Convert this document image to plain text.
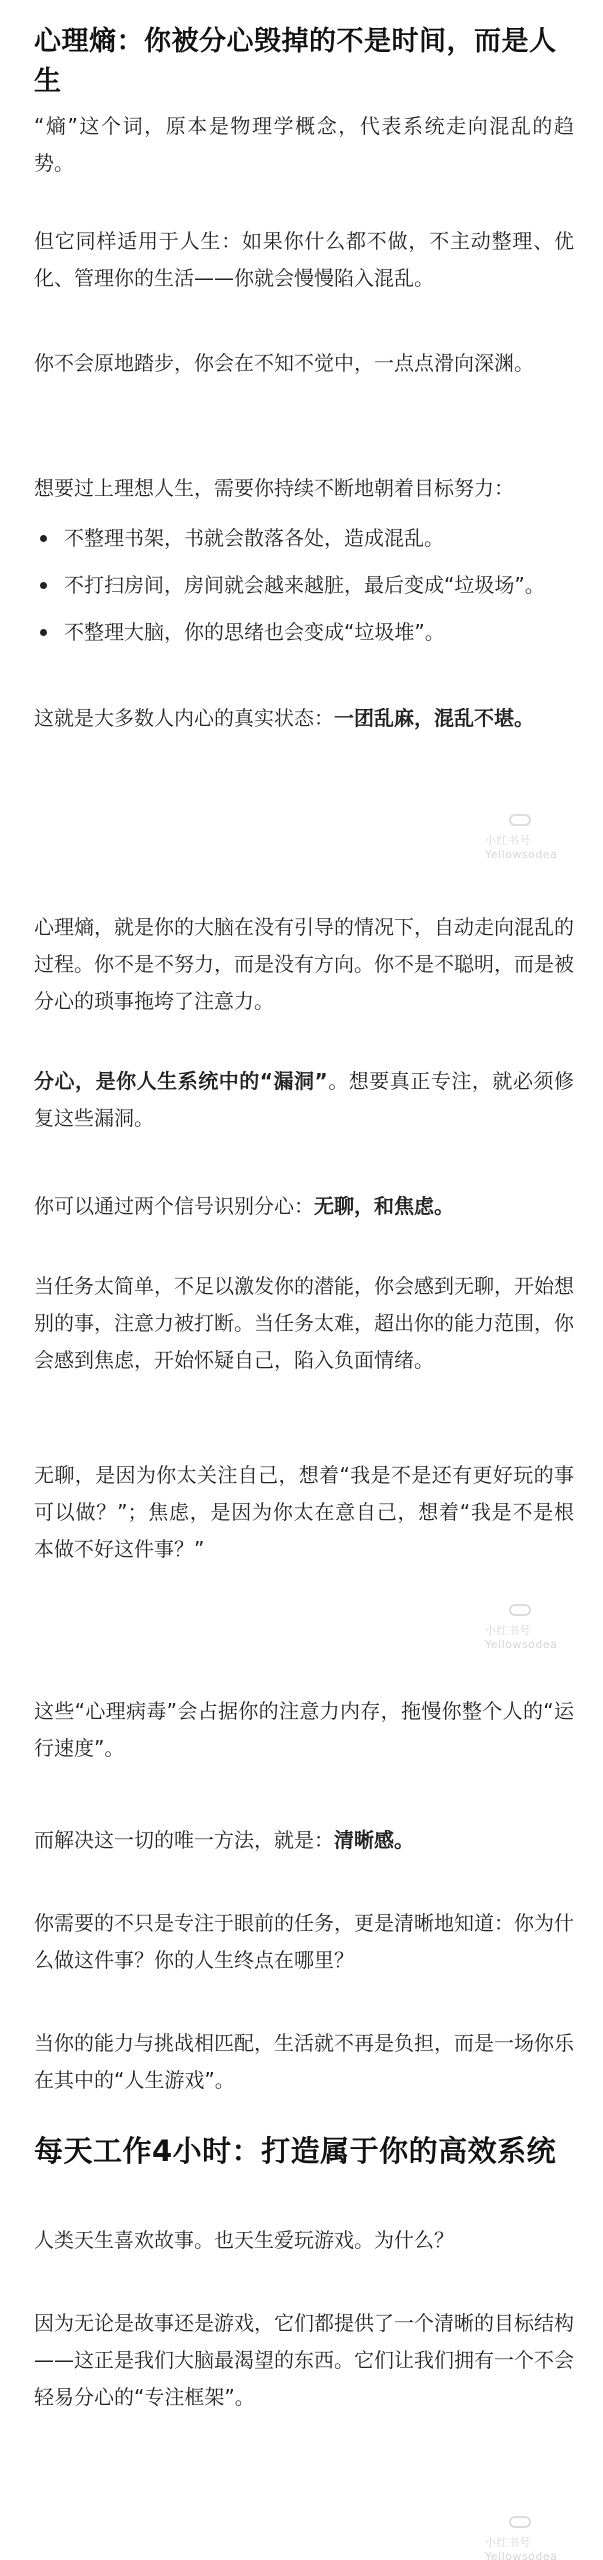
心理熵：你被分心毁掉的不是时间，而是人生

“熵”这个词，原本是物理学概念，代表系统走向混乱的趋势。

但它同样适用于人生：如果你什么都不做，不主动整理、优化、管理你的生活——你就会慢慢陷入混乱。

你不会原地踏步，你会在不知不觉中，一点点滑向深渊。

想要过上理想人生，需要你持续不断地朝着目标努力：

不整理书架，书就会散落各处，造成混乱。
不打扫房间，房间就会越来越脏，最后变成“垃圾场”。
不整理大脑，你的思绪也会变成“垃圾堆”。

这就是大多数人内心的真实状态：一团乱麻，混乱不堪。

小红书号 Yellowsodea

心理熵，就是你的大脑在没有引导的情况下，自动走向混乱的过程。你不是不努力，而是没有方向。你不是不聪明，而是被分心的琐事拖垮了注意力。

分心，是你人生系统中的“漏洞”。想要真正专注，就必须修复这些漏洞。

你可以通过两个信号识别分心：无聊，和焦虑。

当任务太简单，不足以激发你的潜能，你会感到无聊，开始想别的事，注意力被打断。当任务太难，超出你的能力范围，你会感到焦虑，开始怀疑自己，陷入负面情绪。

无聊，是因为你太关注自己，想着“我是不是还有更好玩的事可以做？”；焦虑，是因为你太在意自己，想着“我是不是根本做不好这件事？”

小红书号 Yellowsodea

这些“心理病毒”会占据你的注意力内存，拖慢你整个人的“运行速度”。

而解决这一切的唯一方法，就是：清晰感。

你需要的不只是专注于眼前的任务，更是清晰地知道：你为什么做这件事？你的人生终点在哪里？

当你的能力与挑战相匹配，生活就不再是负担，而是一场你乐在其中的“人生游戏”。

每天工作4小时：打造属于你的高效系统

人类天生喜欢故事。也天生爱玩游戏。为什么？

因为无论是故事还是游戏，它们都提供了一个清晰的目标结构——这正是我们大脑最渴望的东西。它们让我们拥有一个不会轻易分心的“专注框架”。

小红书号 Yellowsodea
